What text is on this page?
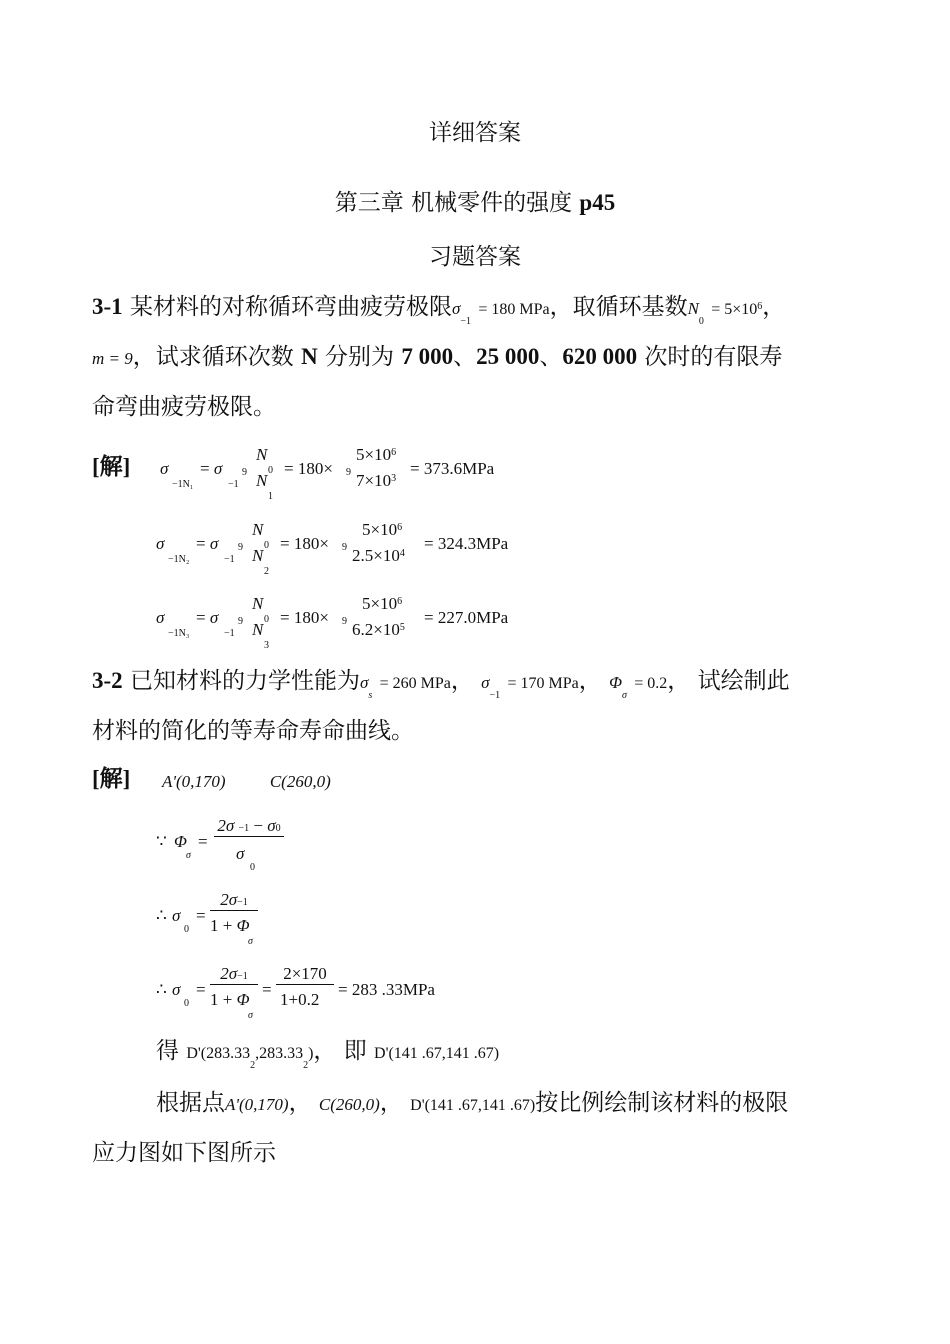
详细答案
第三章 机械零件的强度 p45
习题答案
3-1 某材料的对称循环弯曲疲劳极限$\sigma_{-1} = 180$ MPa，取循环基数$N_0 = 5\times 10^6$，
m = 9，试求循环次数 N 分别为 7 000、25 000、620 000 次时的有限寿
命弯曲疲劳极限。
[解]	σ
−1N₁
= σ
−1
9
N
0
N
1
= 180× 9
$5\times 10^6$
$7\times 10^3$
= 373.6MPa
σ
−1N₂
= σ
−1
9
N
0
N
2
= 180× 9
$5\times 10^6$
$2.5\times 10^4$
= 324.3MPa
σ
−1N₃
= σ
−1
9
N
0
N
3
= 180× 9
$5\times 10^6$
$6.2\times 10^5$
= 227.0MPa
3-2 已知材料的力学性能为$\sigma_s = 260$ MPa， $\sigma_{-1} = 170$ MPa， $\Phi_\sigma = 0.2$， 试绘制此
材料的简化的等寿命寿命曲线。
[解]	A'(0,170)	C(260,0)
∵ Φ
σ
=
2σ −1 − σ0
σ
0
∴ σ
0
=
2σ−1
1 + Φ
σ
∴ σ
0
=
2σ−1
1 + Φ
σ
=
2×170
1+0.2
= 283 .33MPa
得 $D'(283.33_2,283.33_2)$， 即 D'(141 .67,141 .67)
根据点A'(0,170)， C(260,0)， D'(141 .67,141 .67)按比例绘制该材料的极限
应力图如下图所示
